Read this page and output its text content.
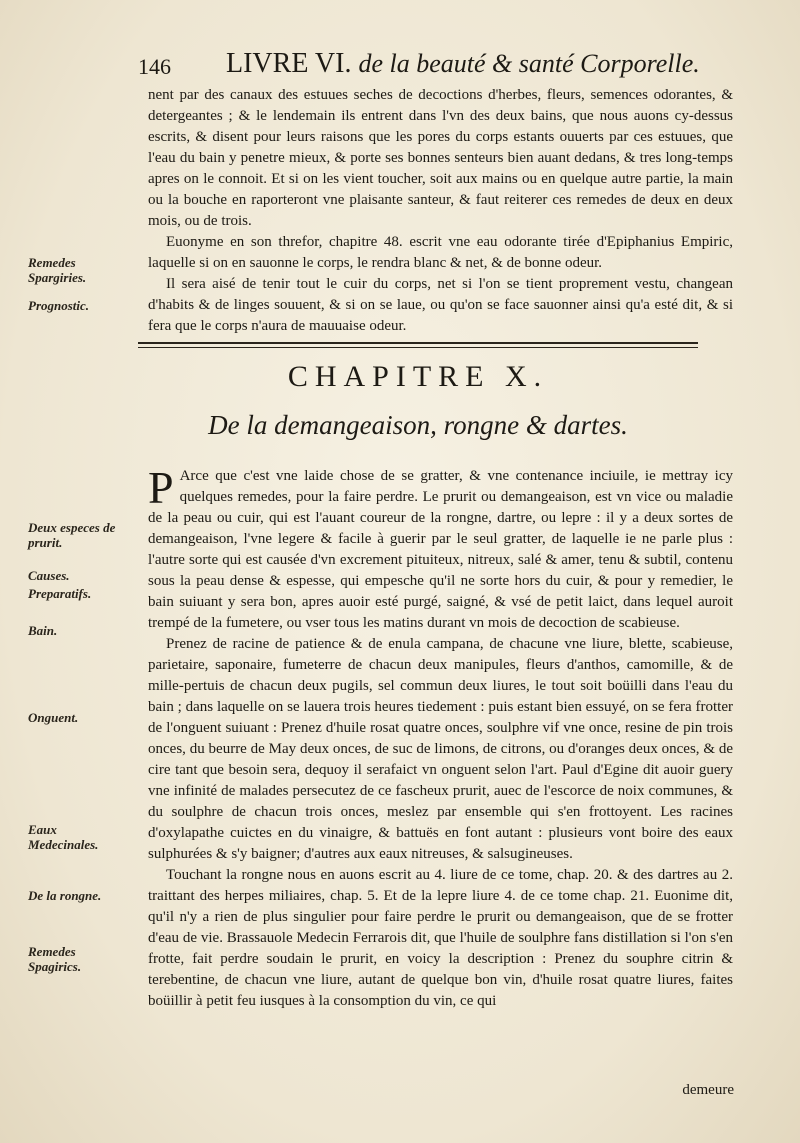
146 LIVRE VI. de la beauté & santé Corporelle.

nent par des canaux des estuues seches de decoctions d'herbes, fleurs, semences odorantes, & detergeantes ; & le lendemain ils entrent dans l'vn des deux bains, que nous auons cy-dessus escrits, & disent pour leurs raisons que les pores du corps estants ouuerts par ces estuues, que l'eau du bain y penetre mieux, & porte ses bonnes senteurs bien auant dedans, & tres long-temps apres on le connoit. Et si on les vient toucher, soit aux mains ou en quelque autre partie, la main ou la bouche en raporteront vne plaisante santeur, & faut reiterer ces remedes de deux en deux mois, ou de trois.

Euonyme en son threfor, chapitre 48. escrit vne eau odorante tirée d'Epiphanius Empiric, laquelle si on en sauonne le corps, le rendra blanc & net, & de bonne odeur.

Il sera aisé de tenir tout le cuir du corps, net si l'on se tient proprement vestu, changean d'habits & de linges souuent, & si on se laue, ou qu'on se face sauonner ainsi qu'a esté dit, & si fera que le corps n'aura de mauuaise odeur.

Remedes Spargiries.
Prognostic.
CHAPITRE X.
De la demangeaison, rongne & dartes.

P Arce que c'est vne laide chose de se gratter, & vne contenance inciuile, ie mettray icy quelques remedes, pour la faire perdre. Le prurit ou demangeaison, est vn vice ou maladie de la peau ou cuir, qui est l'auant coureur de la rongne, dartre, ou lepre : il y a deux sortes de demangeaison, l'vne legere & facile à guerir par le seul gratter, de laquelle ie ne parle plus : l'autre sorte qui est causée d'vn excrement pituiteux, nitreux, salé & amer, tenu & subtil, contenu sous la peau dense & espesse, qui empesche qu'il ne sorte hors du cuir, & pour y remedier, le bain suiuant y sera bon, apres auoir esté purgé, saigné, & vsé de petit laict, dans lequel auroit trempé de la fumetere, ou vser tous les matins durant vn mois de decoction de scabieuse.

Prenez de racine de patience & de enula campana, de chacune vne liure, blette, scabieuse, parietaire, saponaire, fumeterre de chacun deux manipules, fleurs d'anthos, camomille, & de mille-pertuis de chacun deux pugils, sel commun deux liures, le tout soit boüilli dans l'eau du bain ; dans laquelle on se lauera trois heures tiedement : puis estant bien essuyé, on se fera frotter de l'onguent suiuant : Prenez d'huile rosat quatre onces, soulphre vif vne once, resine de pin trois onces, du beurre de May deux onces, de suc de limons, de citrons, ou d'oranges deux onces, & de cire tant que besoin sera, dequoy il serafaict vn onguent selon l'art. Paul d'Egine dit auoir guery vne infinité de malades persecutez de ce fascheux prurit, auec de l'escorce de noix communes, & du soulphre de chacun trois onces, meslez par ensemble qui s'en frottoyent. Les racines d'oxylapathe cuictes en du vinaigre, & battuës en font autant : plusieurs vont boire des eaux sulphurées & s'y baigner; d'autres aux eaux nitreuses, & salsugineuses.

Touchant la rongne nous en auons escrit au 4. liure de ce tome, chap. 20. & des dartres au 2. traittant des herpes miliaires, chap. 5. Et de la lepre liure 4. de ce tome chap. 21. Euonime dit, qu'il n'y a rien de plus singulier pour faire perdre le prurit ou demangeaison, que de se frotter d'eau de vie. Brassauole Medecin Ferrarois dit, que l'huile de soulphre fans distillation si l'on s'en frotte, fait perdre soudain le prurit, en voicy la description : Prenez du souphre citrin & terebentine, de chacun vne liure, autant de quelque bon vin, d'huile rosat quatre liures, faites boüillir à petit feu iusques à la consomption du vin, ce qui

Deux especes de prurit.
Causes.
Preparatifs.
Bain.
Onguent.
Eaux Medecinales.
De la rongne.
Remedes Spagirics.
demeure
